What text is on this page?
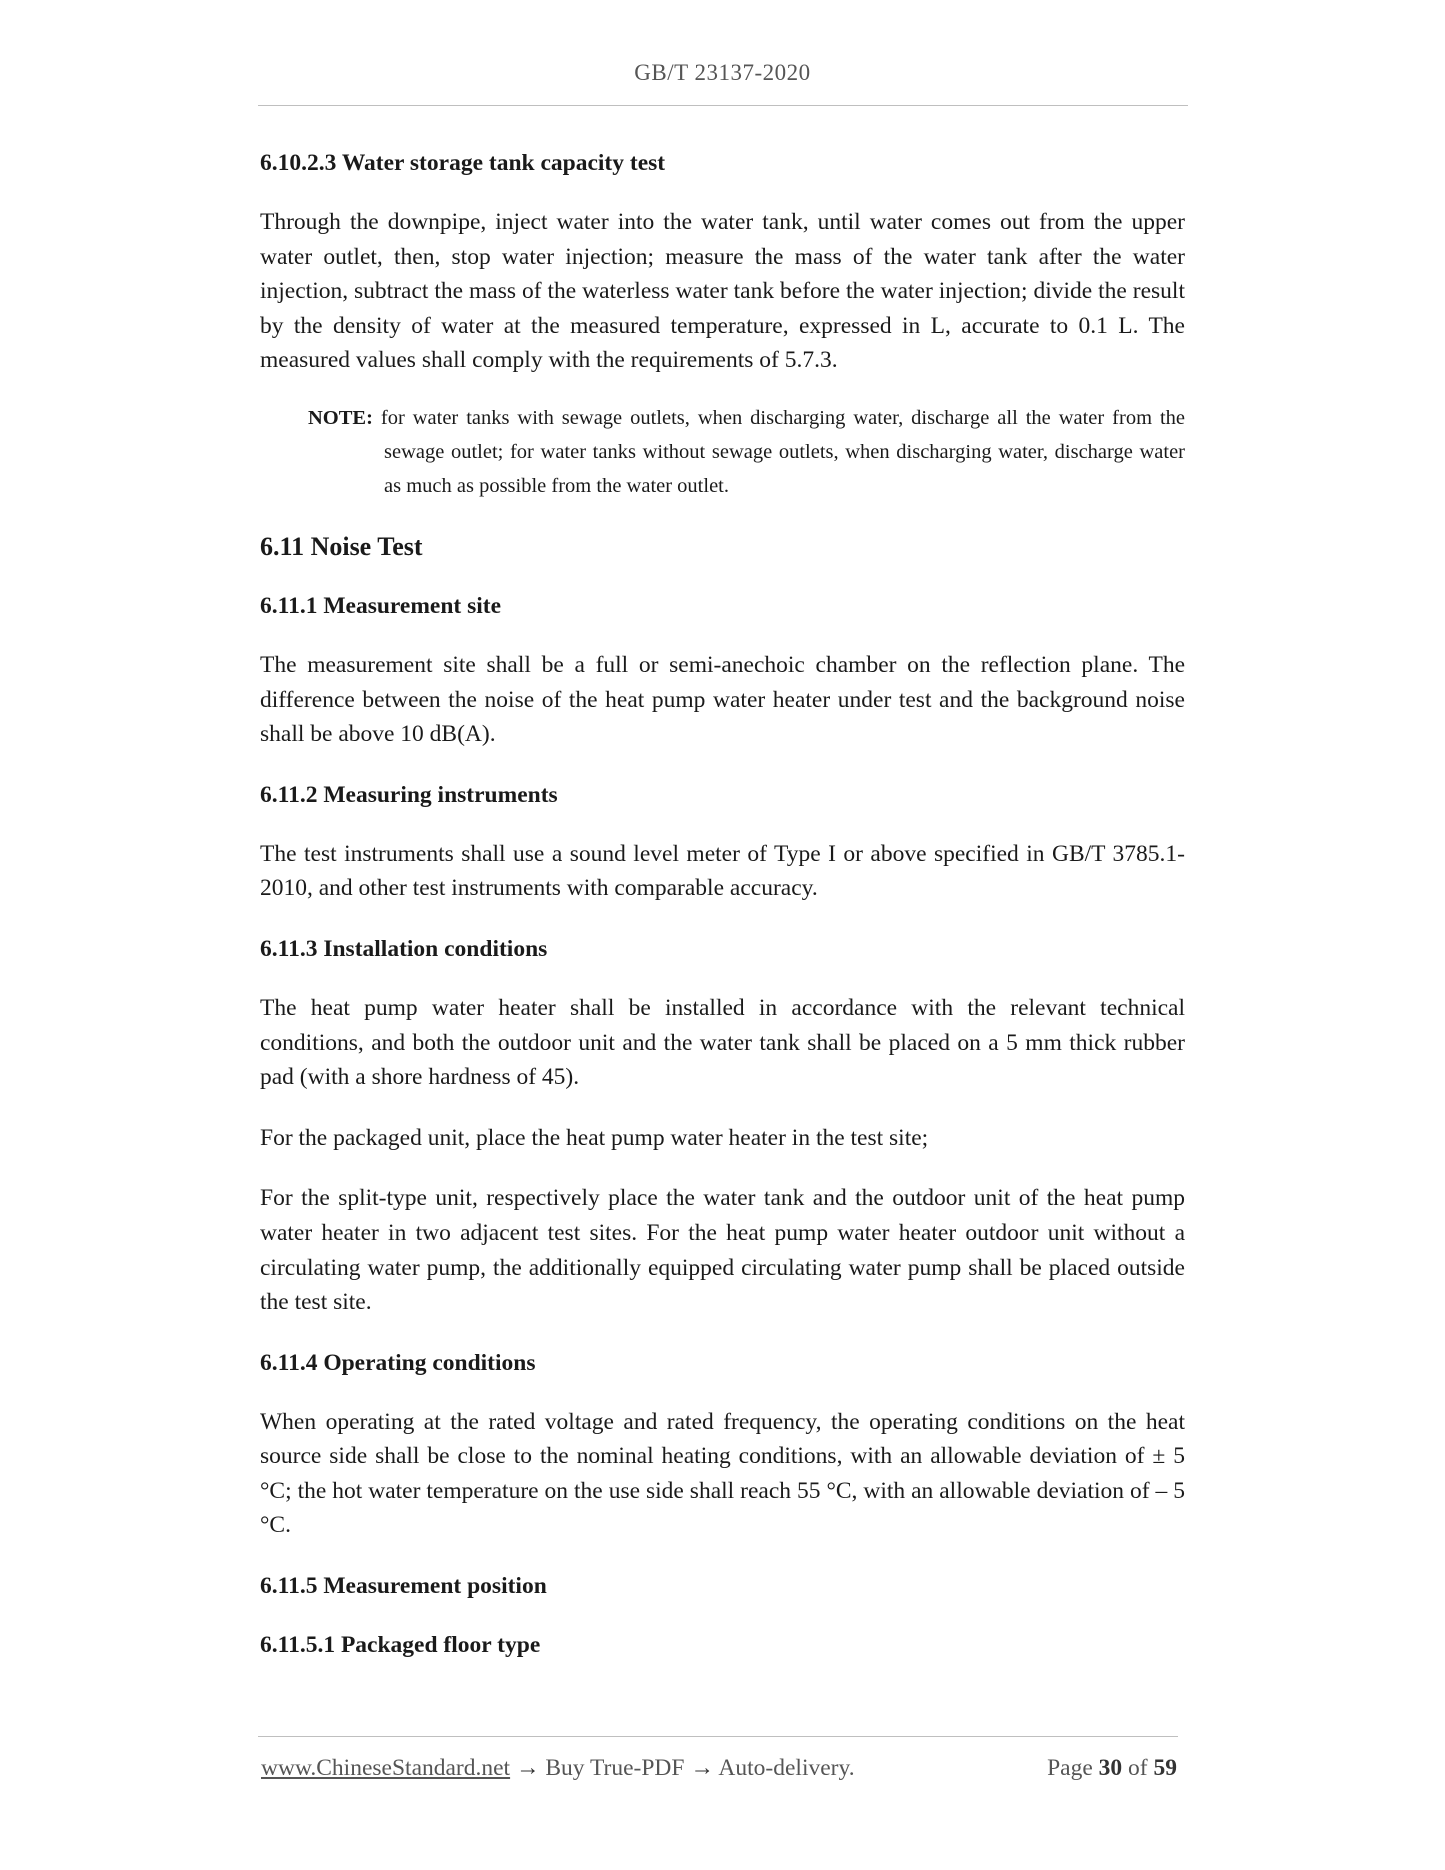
GB/T 23137-2020
6.10.2.3 Water storage tank capacity test

Through the downpipe, inject water into the water tank, until water comes out from the upper water outlet, then, stop water injection; measure the mass of the water tank after the water injection, subtract the mass of the waterless water tank before the water injection; divide the result by the density of water at the measured temperature, expressed in L, accurate to 0.1 L. The measured values shall comply with the requirements of 5.7.3.

NOTE: for water tanks with sewage outlets, when discharging water, discharge all the water from the sewage outlet; for water tanks without sewage outlets, when discharging water, discharge water as much as possible from the water outlet.
6.11 Noise Test
6.11.1 Measurement site

The measurement site shall be a full or semi-anechoic chamber on the reflection plane. The difference between the noise of the heat pump water heater under test and the background noise shall be above 10 dB(A).

6.11.2 Measuring instruments

The test instruments shall use a sound level meter of Type I or above specified in GB/T 3785.1-2010, and other test instruments with comparable accuracy.

6.11.3 Installation conditions

The heat pump water heater shall be installed in accordance with the relevant technical conditions, and both the outdoor unit and the water tank shall be placed on a 5 mm thick rubber pad (with a shore hardness of 45).

For the packaged unit, place the heat pump water heater in the test site;

For the split-type unit, respectively place the water tank and the outdoor unit of the heat pump water heater in two adjacent test sites. For the heat pump water heater outdoor unit without a circulating water pump, the additionally equipped circulating water pump shall be placed outside the test site.

6.11.4 Operating conditions

When operating at the rated voltage and rated frequency, the operating conditions on the heat source side shall be close to the nominal heating conditions, with an allowable deviation of ± 5 °C; the hot water temperature on the use side shall reach 55 °C, with an allowable deviation of – 5 °C.

6.11.5 Measurement position
6.11.5.1 Packaged floor type
www.ChineseStandard.net → Buy True-PDF → Auto-delivery.	Page 30 of 59
